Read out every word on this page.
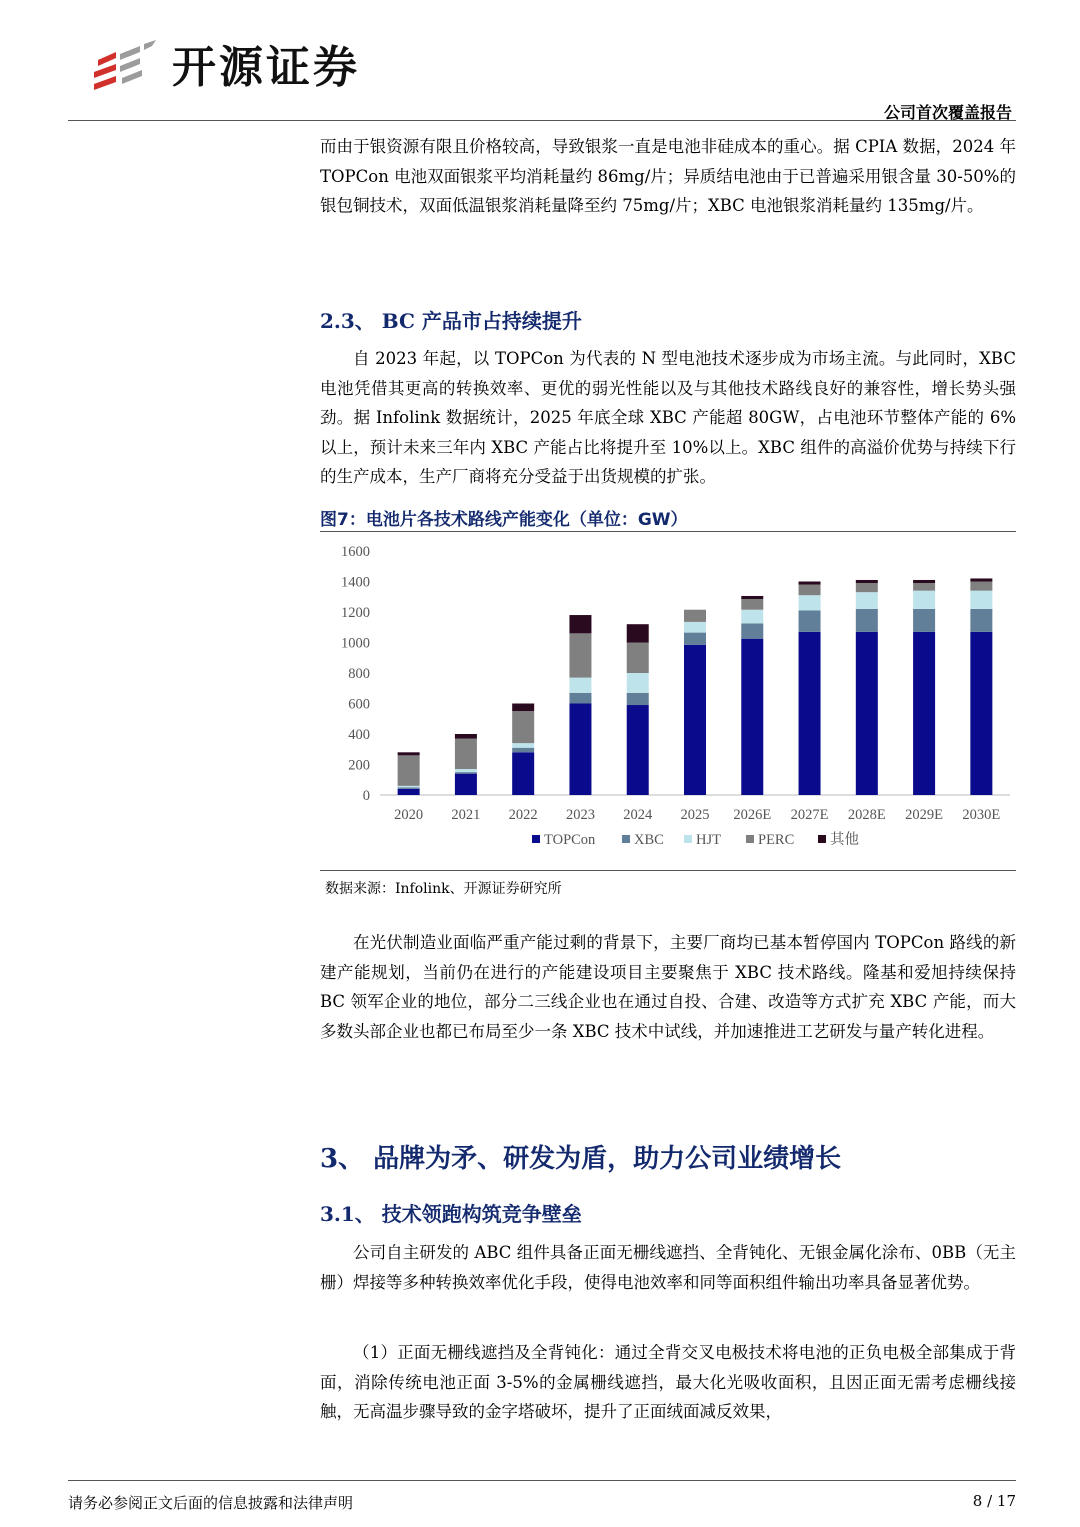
开源证券
公司首次覆盖报告

而由于银资源有限且价格较高，导致银浆一直是电池非硅成本的重心。据 CPIA 数据，2024 年 TOPCon 电池双面银浆平均消耗量约 86mg/片；异质结电池由于已普遍采用银含量 30-50%的银包铜技术，双面低温银浆消耗量降至约 75mg/片；XBC 电池银浆消耗量约 135mg/片。

2.3、 BC 产品市占持续提升

自 2023 年起，以 TOPCon 为代表的 N 型电池技术逐步成为市场主流。与此同时，XBC 电池凭借其更高的转换效率、更优的弱光性能以及与其他技术路线良好的兼容性，增长势头强劲。据 Infolink 数据统计，2025 年底全球 XBC 产能超 80GW，占电池环节整体产能的 6%以上，预计未来三年内 XBC 产能占比将提升至 10%以上。XBC 组件的高溢价优势与持续下行的生产成本，生产厂商将充分受益于出货规模的扩张。

图7：电池片各技术路线产能变化（单位：GW）
0
200
400
600
800
1000
1200
1400
1600
2020 2021 2022 2023 2024 2025 2026E 2027E 2028E 2029E 2030E
TOPCon	XBC HJT	PERC 其他
数据来源：Infolink、开源证券研究所

在光伏制造业面临严重产能过剩的背景下，主要厂商均已基本暂停国内 TOPCon 路线的新建产能规划，当前仍在进行的产能建设项目主要聚焦于 XBC 技术路线。隆基和爱旭持续保持 BC 领军企业的地位，部分二三线企业也在通过自投、合建、改造等方式扩充 XBC 产能，而大多数头部企业也都已布局至少一条 XBC 技术中试线，并加速推进工艺研发与量产转化进程。

3、 品牌为矛、研发为盾，助力公司业绩增长
3.1、 技术领跑构筑竞争壁垒

公司自主研发的 ABC 组件具备正面无栅线遮挡、全背钝化、无银金属化涂布、0BB（无主栅）焊接等多种转换效率优化手段，使得电池效率和同等面积组件输出功率具备显著优势。

（1）正面无栅线遮挡及全背钝化：通过全背交叉电极技术将电池的正负电极全部集成于背面，消除传统电池正面 3-5%的金属栅线遮挡，最大化光吸收面积，且因正面无需考虑栅线接触，无高温步骤导致的金字塔破坏，提升了正面绒面减反效果，

请务必参阅正文后面的信息披露和法律声明	8 / 17
